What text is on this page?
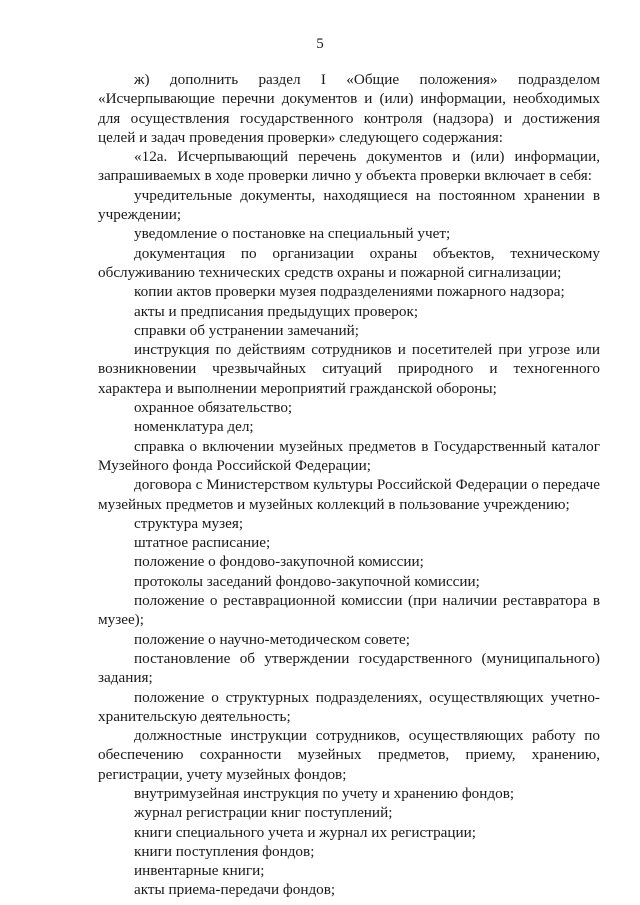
5

ж) дополнить раздел I «Общие положения» подразделом «Исчерпывающие перечни документов и (или) информации, необходимых для осуществления государственного контроля (надзора) и достижения целей и задач проведения проверки» следующего содержания:

«12а. Исчерпывающий перечень документов и (или) информации, запрашиваемых в ходе проверки лично у объекта проверки включает в себя:

учредительные документы, находящиеся на постоянном хранении в учреждении;

уведомление о постановке на специальный учет;

документация по организации охраны объектов, техническому обслуживанию технических средств охраны и пожарной сигнализации;

копии актов проверки музея подразделениями пожарного надзора;

акты и предписания предыдущих проверок;

справки об устранении замечаний;

инструкция по действиям сотрудников и посетителей при угрозе или возникновении чрезвычайных ситуаций природного и техногенного характера и выполнении мероприятий гражданской обороны;

охранное обязательство;

номенклатура дел;

справка о включении музейных предметов в Государственный каталог Музейного фонда Российской Федерации;

договора с Министерством культуры Российской Федерации о передаче музейных предметов и музейных коллекций в пользование учреждению;

структура музея;

штатное расписание;

положение о фондово-закупочной комиссии;

протоколы заседаний фондово-закупочной комиссии;

положение о реставрационной комиссии (при наличии реставратора в музее);

положение о научно-методическом совете;

постановление об утверждении государственного (муниципального) задания;

положение о структурных подразделениях, осуществляющих учетно-хранительскую деятельность;

должностные инструкции сотрудников, осуществляющих работу по обеспечению сохранности музейных предметов, приему, хранению, регистрации, учету музейных фондов;

внутримузейная инструкция по учету и хранению фондов;

журнал регистрации книг поступлений;

книги специального учета и журнал их регистрации;

книги поступления фондов;

инвентарные книги;

акты приема-передачи фондов;
